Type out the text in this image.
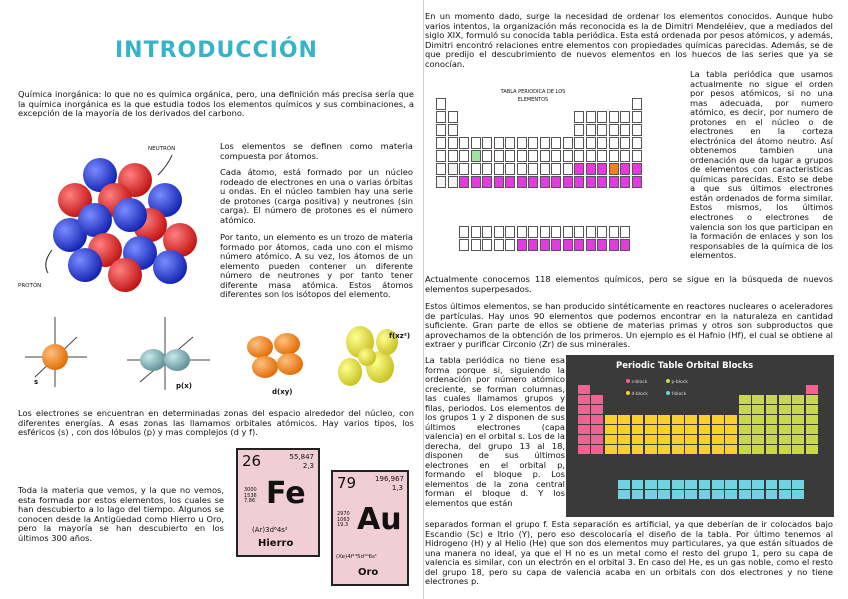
INTRODUCCIÓN

Química inorgánica: lo que no es química orgánica, pero, una definición más precisa sería que la química inorgánica es la que estudia todos los elementos químicos y sus combinaciones, a excepción de la mayoría de los derivados del carbono.

NEUTRÓN
PROTÓN

Los elementos se definen como materia compuesta por átomos.

Cada átomo, está formado por un núcleo rodeado de electrones en una o varias órbitas u ondas. En el núcleo tambien hay una serie de protones (carga positiva) y neutrones (sin carga). El número de protones es el número atómico.

Por tanto, un elemento es un trozo de materia formado por átomos, cada uno con el mismo número atómico. A su vez, los átomos de un elemento pueden contener un diferente número de neutrones y por tanto tener diferente masa atómica. Estos átomos diferentes son los isótopos del elemento.

s	p(x)
d(xy)
f(xz²)

Los electrones se encuentran en determinadas zonas del espacio alrededor del núcleo, con diferentes energías. A esas zonas las llamamos orbitales atómicos. Hay varios tipos, los esféricos (s) , con dos lóbulos (p) y mas complejos (d y f).

Toda la materia que vemos, y la que no vemos, esta formada por estos elementos, los cuales se han descubierto a lo lago del tiempo. Algunos se conocen desde la Antigüedad como Hierro u Oro, pero la mayoría se han descubierto en los últimos 300 años.

26	55,847
2,3
3000
1536
7,86 Fe
(Ar)3d⁶4s²
Hierro
79	196,967
1,3
2970
1063
19,3 Au
(Xe)4f¹⁴5d¹⁰6s¹
Oro

En un momento dado, surge la necesidad de ordenar los elementos conocidos. Aunque hubo varios intentos, la organización más reconocida es la de Dimitri Mendeléiev, que a mediados del siglo XIX, formuló su conocida tabla periódica. Esta está ordenada por pesos atómicos, y además, Dimitri encontró relaciones entre elementos con propiedades químicas parecidas. Además, se de que predijo el descubrimiento de nuevos elementos en los huecos de las series que ya se conocían.

TABLA PERIODICA DE LOS ELEMENTOS

La tabla periódica que usamos actualmente no sigue el orden por pesos atómicos, si no una mas adecuada, por numero atómico, es decir, por numero de protones en el núcleo o de electrones en la corteza electrónica del átomo neutro. Así obtenemos tambien una ordenación que da lugar a grupos de elementos con caracteristicas químicas parecidas. Esto se debe a que sus últimos electrones están ordenados de forma similar. Estos mismos, los últimos electrones o electrones de valencia son los que participan en la formación de enlaces y son los responsables de la química de los elementos.

Actualmente conocemos 118 elementos químicos, pero se sigue en la búsqueda de nuevos elementos superpesados.

Estos últimos elementos, se han producido sintéticamente en reactores nucleares o aceleradores de partículas. Hay unos 90 elementos que podemos encontrar en la naturaleza en cantidad suficiente. Gran parte de ellos se obtiene de materias primas y otros son subproductos que aprovechamos de la obtención de los primeros. Un ejemplo es el Hafnio (Hf), el cual se obtiene al extraer y purificar Circonio (Zr) de sus minerales.

La tabla periódica no tiene esa forma porque si, siguiendo la ordenación por número atómico creciente, se forman columnas, las cuales llamamos grupos y filas, periodos. Los elementos de los grupos 1 y 2 disponen de sus últimos electrones (capa valencia) en el orbital s. Los de la derecha, del grupo 13 al 18, disponen de sus últimos electrones en el orbital p, formando el bloque p. Los elementos de la zona central forman el bloque d. Y los elementos que están

Periodic Table Orbital Blocks
s-block
d-block
p-block
f-block

separados forman el grupo f. Esta separación es artificial, ya que deberían de ir colocados bajo Escandio (Sc) e Itrio (Y), pero eso descolocaría el diseño de la tabla. Por último tenemos al Hidrogeno (H) y al Helio (He) que son dos elementos muy particulares, ya que están situados de una manera no ideal, ya que el H no es un metal como el resto del grupo 1, pero su capa de valencia es similar, con un electrón en el orbital 3. En caso del He, es un gas noble, como el resto del grupo 18, pero su capa de valencia acaba en un orbitals con dos electrones y no tiene electrones p.
